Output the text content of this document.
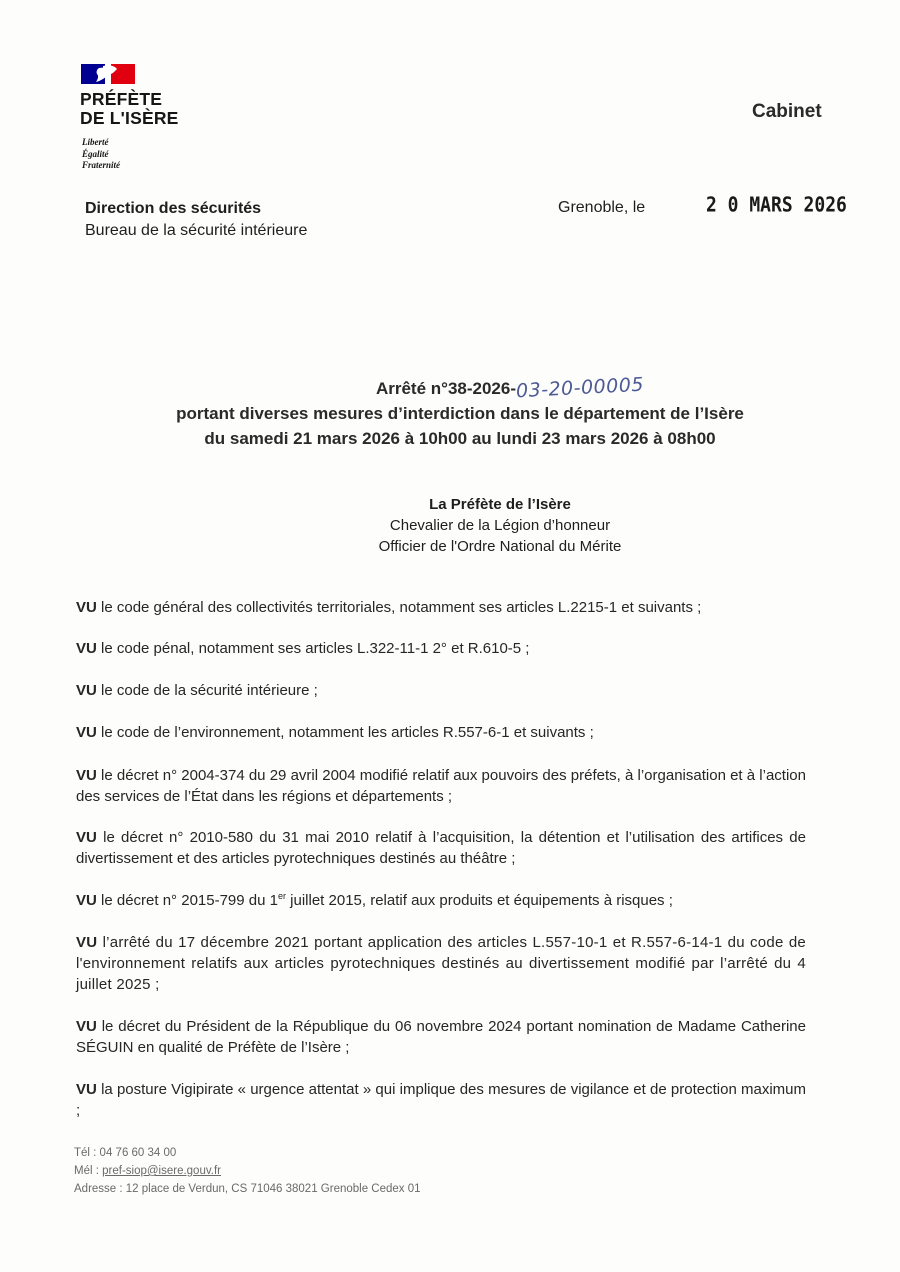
PRÉFÈTE
DE L'ISÈRE
Liberté
Égalité
Fraternité
Cabinet
Direction des sécurités
Bureau de la sécurité intérieure
Grenoble, le	2 0 MARS 2026
Arrêté n°38-2026-03-20-00005
portant diverses mesures d’interdiction dans le département de l’Isère
du samedi 21 mars 2026 à 10h00 au lundi 23 mars 2026 à 08h00
La Préfète de l’Isère
Chevalier de la Légion d’honneur
Officier de l'Ordre National du Mérite
VU le code général des collectivités territoriales, notamment ses articles L.2215-1 et suivants ;
VU le code pénal, notamment ses articles L.322-11-1 2° et R.610-5 ;
VU le code de la sécurité intérieure ;
VU le code de l’environnement, notamment les articles R.557-6-1 et suivants ;
VU le décret n° 2004-374 du 29 avril 2004 modifié relatif aux pouvoirs des préfets, à l’organisation et à l’action des services de l’État dans les régions et départements ;
VU le décret n° 2010-580 du 31 mai 2010 relatif à l’acquisition, la détention et l’utilisation des artifices de divertissement et des articles pyrotechniques destinés au théâtre ;
VU le décret n° 2015-799 du 1er juillet 2015, relatif aux produits et équipements à risques ;
VU l’arrêté du 17 décembre 2021 portant application des articles L.557-10-1 et R.557-6-14-1 du code de l'environnement relatifs aux articles pyrotechniques destinés au divertissement modifié par l’arrêté du 4 juillet 2025 ;
VU le décret du Président de la République du 06 novembre 2024 portant nomination de Madame Catherine SÉGUIN en qualité de Préfète de l’Isère ;
VU la posture Vigipirate « urgence attentat » qui implique des mesures de vigilance et de protection maximum ;
Tél : 04 76 60 34 00
Mél : pref-siop@isere.gouv.fr
Adresse : 12 place de Verdun, CS 71046 38021 Grenoble Cedex 01
